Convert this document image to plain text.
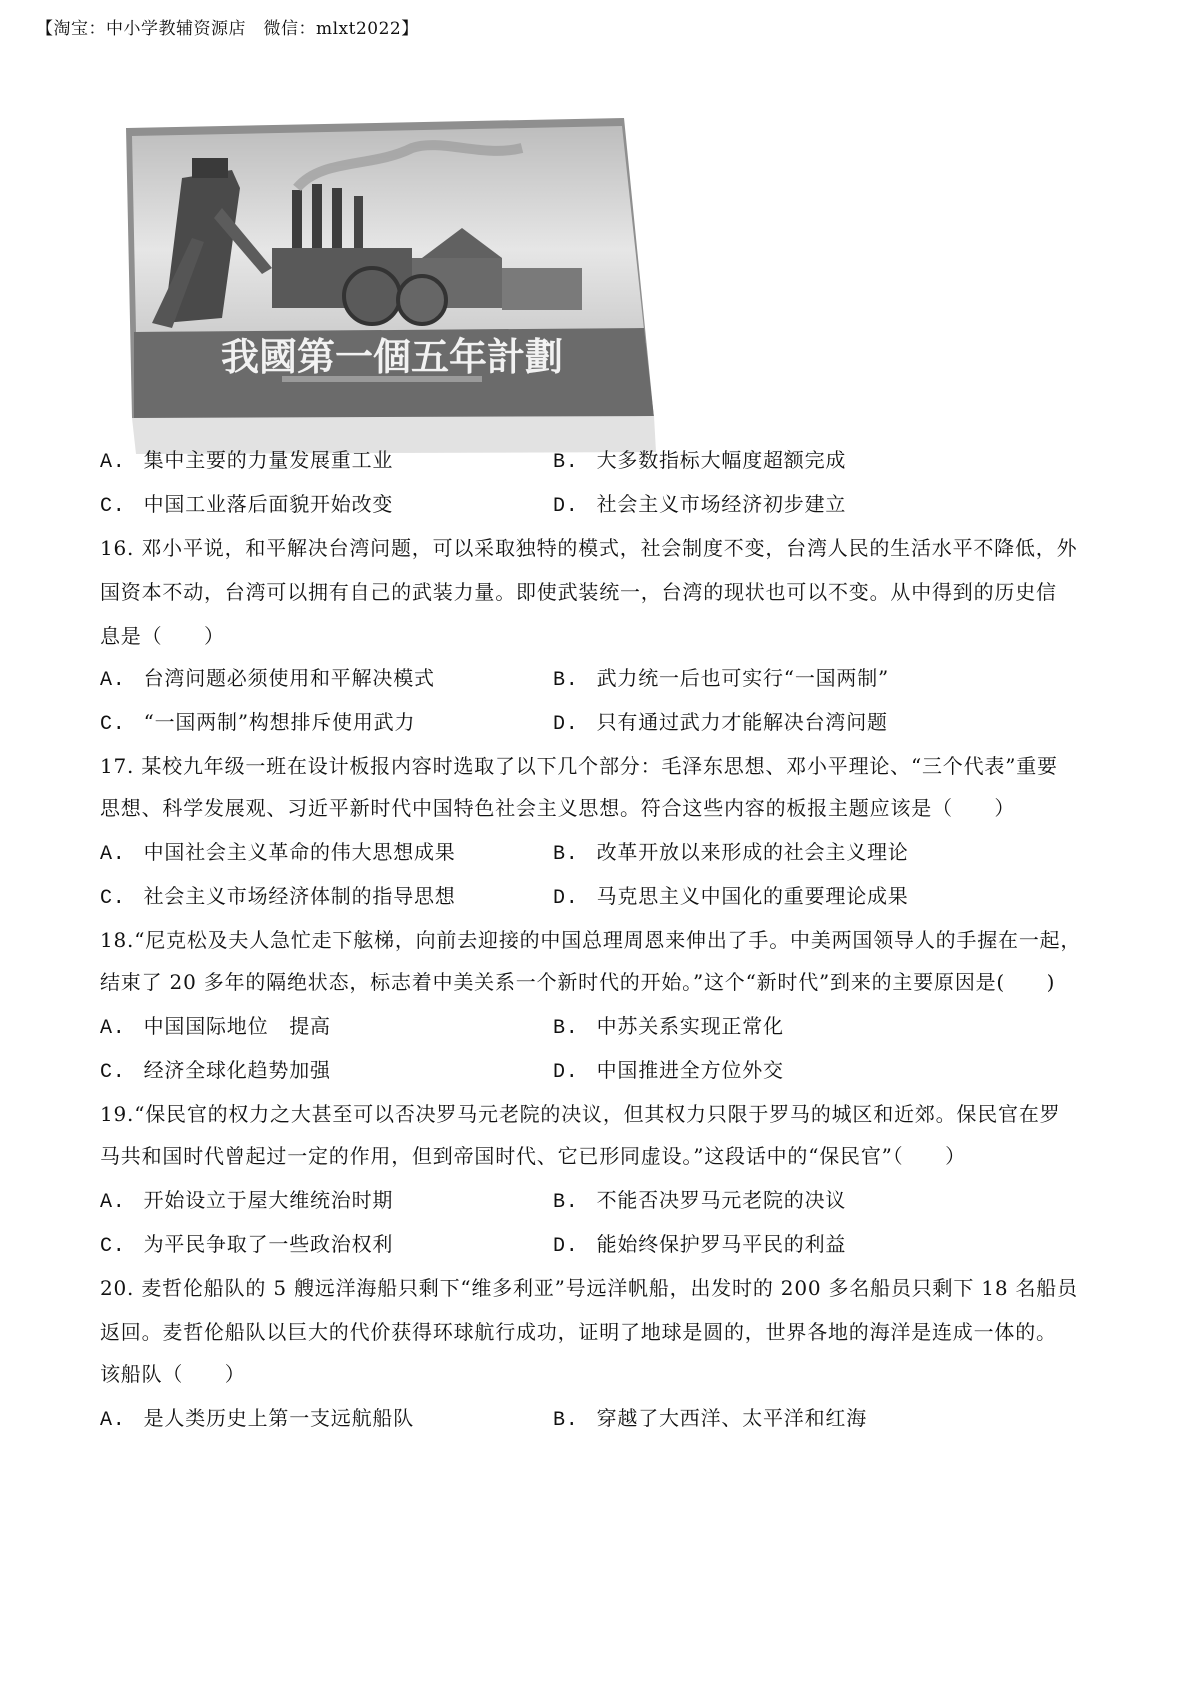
【淘宝：中小学教辅资源店　微信：mlxt2022】
我國第一個五年計劃
A. 集中主要的力量发展重工业	B. 大多数指标大幅度超额完成
C. 中国工业落后面貌开始改变	D. 社会主义市场经济初步建立
16. 邓小平说，和平解决台湾问题，可以采取独特的模式，社会制度不变，台湾人民的生活水平不降低，外
国资本不动，台湾可以拥有自己的武装力量。即使武装统一，台湾的现状也可以不变。从中得到的历史信
息是（　　）
A. 台湾问题必须使用和平解决模式	B. 武力统一后也可实行“一国两制”
C. “一国两制”构想排斥使用武力	D. 只有通过武力才能解决台湾问题
17. 某校九年级一班在设计板报内容时选取了以下几个部分：毛泽东思想、邓小平理论、“三个代表”重要
思想、科学发展观、习近平新时代中国特色社会主义思想。符合这些内容的板报主题应该是（　　）
A. 中国社会主义革命的伟大思想成果	B. 改革开放以来形成的社会主义理论
C. 社会主义市场经济体制的指导思想	D. 马克思主义中国化的重要理论成果
18.“尼克松及夫人急忙走下舷梯，向前去迎接的中国总理周恩来伸出了手。中美两国领导人的手握在一起，
结束了 20 多年的隔绝状态，标志着中美关系一个新时代的开始。”这个“新时代”到来的主要原因是(　　)
A. 中国国际地位　提高	B. 中苏关系实现正常化
C. 经济全球化趋势加强	D. 中国推进全方位外交
19.“保民官的权力之大甚至可以否决罗马元老院的决议，但其权力只限于罗马的城区和近郊。保民官在罗
马共和国时代曾起过一定的作用，但到帝国时代、它已形同虚设。”这段话中的“保民官”（　　）
A. 开始设立于屋大维统治时期	B. 不能否决罗马元老院的决议
C. 为平民争取了一些政治权利	D. 能始终保护罗马平民的利益
20. 麦哲伦船队的 5 艘远洋海船只剩下“维多利亚”号远洋帆船，出发时的 200 多名船员只剩下 18 名船员
返回。麦哲伦船队以巨大的代价获得环球航行成功，证明了地球是圆的，世界各地的海洋是连成一体的。
该船队（　　）
A. 是人类历史上第一支远航船队	B. 穿越了大西洋、太平洋和红海
